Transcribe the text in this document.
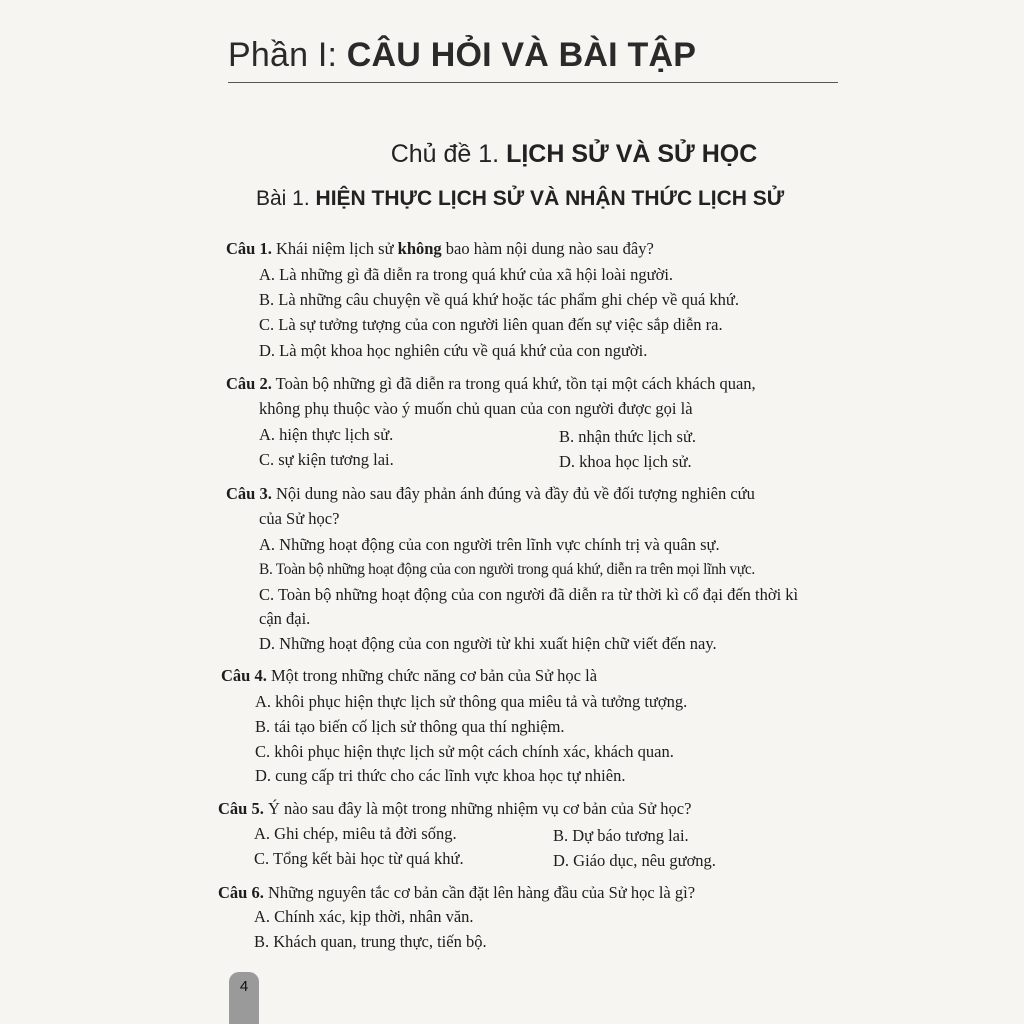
Phần I: CÂU HỎI VÀ BÀI TẬP
Chủ đề 1. LỊCH SỬ VÀ SỬ HỌC
Bài 1. HIỆN THỰC LỊCH SỬ VÀ NHẬN THỨC LỊCH SỬ
Câu 1. Khái niệm lịch sử không bao hàm nội dung nào sau đây?
A. Là những gì đã diễn ra trong quá khứ của xã hội loài người.
B. Là những câu chuyện về quá khứ hoặc tác phẩm ghi chép về quá khứ.
C. Là sự tưởng tượng của con người liên quan đến sự việc sắp diễn ra.
D. Là một khoa học nghiên cứu về quá khứ của con người.
Câu 2. Toàn bộ những gì đã diễn ra trong quá khứ, tồn tại một cách khách quan,
không phụ thuộc vào ý muốn chủ quan của con người được gọi là
A. hiện thực lịch sử.	B. nhận thức lịch sử.
C. sự kiện tương lai.	D. khoa học lịch sử.
Câu 3. Nội dung nào sau đây phản ánh đúng và đầy đủ về đối tượng nghiên cứu
của Sử học?
A. Những hoạt động của con người trên lĩnh vực chính trị và quân sự.
B. Toàn bộ những hoạt động của con người trong quá khứ, diễn ra trên mọi lĩnh vực.
C. Toàn bộ những hoạt động của con người đã diễn ra từ thời kì cổ đại đến thời kì
cận đại.
D. Những hoạt động của con người từ khi xuất hiện chữ viết đến nay.
Câu 4. Một trong những chức năng cơ bản của Sử học là
A. khôi phục hiện thực lịch sử thông qua miêu tả và tưởng tượng.
B. tái tạo biến cố lịch sử thông qua thí nghiệm.
C. khôi phục hiện thực lịch sử một cách chính xác, khách quan.
D. cung cấp tri thức cho các lĩnh vực khoa học tự nhiên.
Câu 5. Ý nào sau đây là một trong những nhiệm vụ cơ bản của Sử học?
A. Ghi chép, miêu tả đời sống.	B. Dự báo tương lai.
C. Tổng kết bài học từ quá khứ.	D. Giáo dục, nêu gương.
Câu 6. Những nguyên tắc cơ bản cần đặt lên hàng đầu của Sử học là gì?
A. Chính xác, kịp thời, nhân văn.
B. Khách quan, trung thực, tiến bộ.
4
